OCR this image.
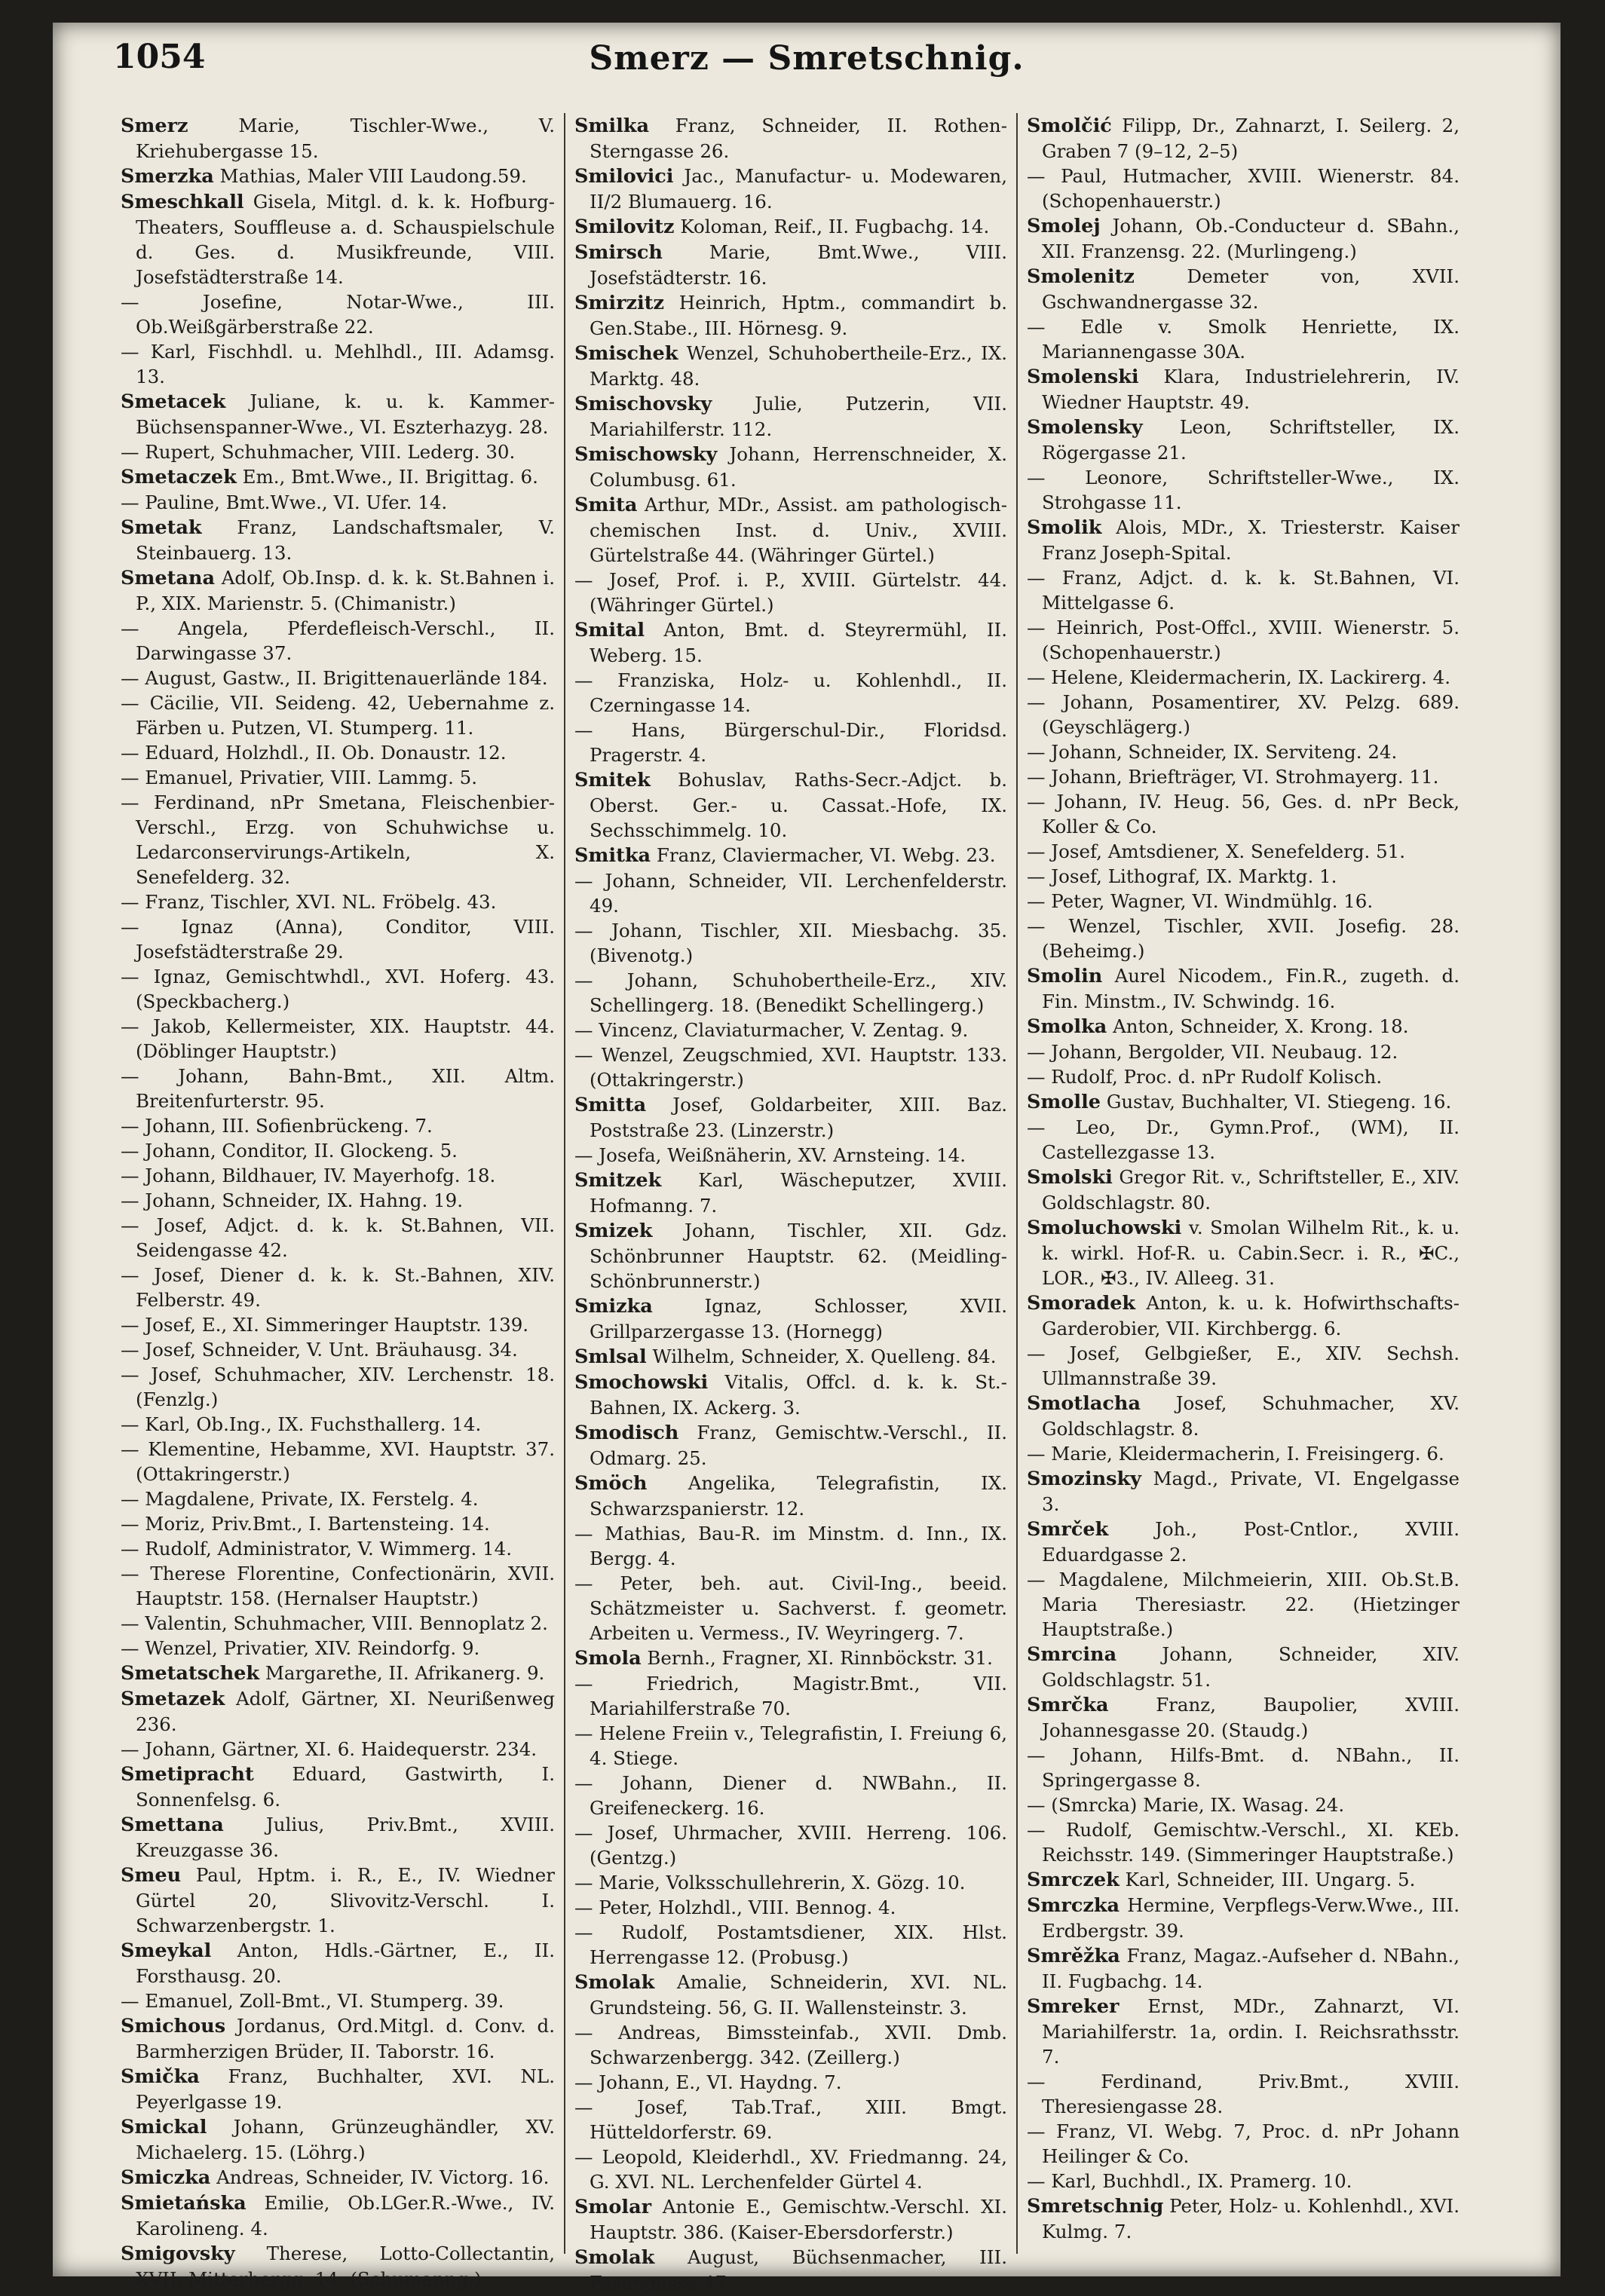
1054	Smerz — Smretschnig.

Smerz	Marie, Tischler-Wwe., V. Kriehubergasse 15.

Smerzka Mathias, Maler VIII Laudong.59.

Smeschkall Gisela, Mitgl. d. k. k. Hofburg-Theaters, Souffleuse a. d. Schauspielschule d. Ges. d. Musikfreunde, VIII. Josefstädterstraße 14.

— Josefine, Notar-Wwe., III. Ob.Weißgärberstraße 22.

— Karl, Fischhdl. u. Mehlhdl., III. Adamsg. 13.

Smetacek Juliane, k. u. k. Kammer-Büchsenspanner-Wwe., VI. Eszterhazyg. 28.

— Rupert, Schuhmacher, VIII. Lederg. 30.

Smetaczek Em., Bmt.Wwe., II. Brigittag. 6.

— Pauline, Bmt.Wwe., VI. Ufer. 14.

Smetak Franz, Landschaftsmaler, V. Steinbauerg. 13.

Smetana Adolf, Ob.Insp. d. k. k. St.Bahnen i. P., XIX. Marienstr. 5. (Chimanistr.)

— Angela, Pferdefleisch-Verschl., II. Darwingasse 37.

— August, Gastw., II. Brigittenauerlände 184.

— Cäcilie, VII. Seideng. 42, Uebernahme z. Färben u. Putzen, VI. Stumperg. 11.

— Eduard, Holzhdl., II. Ob. Donaustr. 12.

— Emanuel, Privatier, VIII. Lammg. 5.

— Ferdinand, nPr Smetana, Fleischenbier-Verschl., Erzg. von Schuhwichse u. Ledarconservirungs-Artikeln, X. Senefelderg. 32.

— Franz, Tischler, XVI. NL. Fröbelg. 43.

— Ignaz (Anna), Conditor, VIII. Josefstädterstraße 29.

— Ignaz, Gemischtwhdl., XVI. Hoferg. 43. (Speckbacherg.)

— Jakob, Kellermeister, XIX. Hauptstr. 44. (Döblinger Hauptstr.)

— Johann, Bahn-Bmt., XII. Altm. Breitenfurterstr. 95.

— Johann, III. Sofienbrückeng. 7.

— Johann, Conditor, II. Glockeng. 5.

— Johann, Bildhauer, IV. Mayerhofg. 18.

— Johann, Schneider, IX. Hahng. 19.

— Josef, Adjct. d. k. k. St.Bahnen, VII. Seidengasse 42.

— Josef, Diener d. k. k. St.-Bahnen, XIV. Felberstr. 49.

— Josef, E., XI. Simmeringer Hauptstr. 139.

— Josef, Schneider, V. Unt. Bräuhausg. 34.

— Josef, Schuhmacher, XIV. Lerchenstr. 18. (Fenzlg.)

— Karl, Ob.Ing., IX. Fuchsthallerg. 14.

— Klementine, Hebamme, XVI. Hauptstr. 37. (Ottakringerstr.)

— Magdalene, Private, IX. Ferstelg. 4.

— Moriz, Priv.Bmt., I. Bartensteing. 14.

— Rudolf, Administrator, V. Wimmerg. 14.

— Therese Florentine, Confectionärin, XVII. Hauptstr. 158. (Hernalser Hauptstr.)

— Valentin, Schuhmacher, VIII. Bennoplatz 2.

— Wenzel, Privatier, XIV. Reindorfg. 9.

Smetatschek Margarethe, II. Afrikanerg. 9.

Smetazek Adolf, Gärtner, XI. Neurißenweg 236.

— Johann, Gärtner, XI. 6. Haidequerstr. 234.

Smetipracht Eduard, Gastwirth, I. Sonnenfelsg. 6.

Smettana Julius, Priv.Bmt., XVIII. Kreuzgasse 36.

Smeu Paul, Hptm. i. R., E., IV. Wiedner Gürtel 20, Slivovitz-Verschl. I. Schwarzenbergstr. 1.

Smeykal Anton, Hdls.-Gärtner, E., II. Forsthausg. 20.

— Emanuel, Zoll-Bmt., VI. Stumperg. 39.

Smichous Jordanus, Ord.Mitgl. d. Conv. d. Barmherzigen Brüder, II. Taborstr. 16.

Smička Franz, Buchhalter, XVI. NL. Peyerlgasse 19.

Smickal Johann, Grünzeughändler, XV. Michaelerg. 15. (Löhrg.)

Smiczka Andreas, Schneider, IV. Victorg. 16.

Smietańska Emilie, Ob.LGer.R.-Wwe., IV. Karolineng. 4.

Smigovsky Therese, Lotto-Collectantin, XVII. Mitterbergg. 14. (Schumanng.)

Smilka Franz, Schneider, II. Rothen-Sterngasse 26.

Smilovici Jac., Manufactur- u. Modewaren, II/2 Blumauerg. 16.

Smilovitz Koloman, Reif., II. Fugbachg. 14.

Smirsch	Marie, Bmt.Wwe., VIII. Josefstädterstr. 16.

Smirzitz Heinrich, Hptm., commandirt b. Gen.Stabe., III. Hörnesg. 9.

Smischek Wenzel, Schuhobertheile-Erz., IX. Marktg. 48.

Smischovsky Julie, Putzerin, VII. Mariahilferstr. 112.

Smischowsky Johann, Herrenschneider, X. Columbusg. 61.

Smita Arthur, MDr., Assist. am pathologisch-chemischen Inst. d. Univ., XVIII. Gürtelstraße 44. (Währinger Gürtel.)

— Josef, Prof. i. P., XVIII. Gürtelstr. 44. (Währinger Gürtel.)

Smital Anton, Bmt. d. Steyrermühl, II. Weberg. 15.

— Franziska, Holz- u. Kohlenhdl., II. Czerningasse 14.

— Hans, Bürgerschul-Dir., Floridsd. Pragerstr. 4.

Smitek Bohuslav, Raths-Secr.-Adjct. b. Oberst. Ger.- u. Cassat.-Hofe, IX. Sechsschimmelg. 10.

Smitka Franz, Claviermacher, VI. Webg. 23.

— Johann, Schneider, VII. Lerchenfelderstr. 49.

— Johann, Tischler, XII. Miesbachg. 35. (Bivenotg.)

— Johann, Schuhobertheile-Erz., XIV. Schellingerg. 18. (Benedikt Schellingerg.)

— Vincenz, Claviaturmacher, V. Zentag. 9.

— Wenzel, Zeugschmied, XVI. Hauptstr. 133. (Ottakringerstr.)

Smitta Josef, Goldarbeiter, XIII. Baz. Poststraße 23. (Linzerstr.)

— Josefa, Weißnäherin, XV. Arnsteing. 14.

Smitzek Karl, Wäscheputzer, XVIII. Hofmanng. 7.

Smizek Johann, Tischler, XII. Gdz. Schönbrunner Hauptstr. 62. (Meidling-Schönbrunnerstr.)

Smizka	Ignaz, Schlosser, XVII. Grillparzergasse 13. (Hornegg)

Smlsal Wilhelm, Schneider, X. Quelleng. 84.

Smochowski Vitalis, Offcl. d. k. k. St.-Bahnen, IX. Ackerg. 3.

Smodisch Franz, Gemischtw.-Verschl., II. Odmarg. 25.

Smöch Angelika, Telegrafistin, IX. Schwarzspanierstr. 12.

— Mathias, Bau-R. im Minstm. d. Inn., IX. Bergg. 4.

— Peter, beh. aut. Civil-Ing., beeid. Schätzmeister u. Sachverst. f. geometr. Arbeiten u. Vermess., IV. Weyringerg. 7.

Smola Bernh., Fragner, XI. Rinnböckstr. 31.

— Friedrich, Magistr.Bmt., VII. Mariahilferstraße 70.

— Helene Freiin v., Telegrafistin, I. Freiung 6, 4. Stiege.

— Johann, Diener d. NWBahn., II. Greifeneckerg. 16.

— Josef, Uhrmacher, XVIII. Herreng. 106. (Gentzg.)

— Marie, Volksschullehrerin, X. Gözg. 10.

— Peter, Holzhdl., VIII. Bennog. 4.

— Rudolf, Postamtsdiener, XIX. Hlst. Herrengasse 12. (Probusg.)

Smolak Amalie, Schneiderin, XVI. NL. Grundsteing. 56, G. II. Wallensteinstr. 3.

— Andreas, Bimssteinfab., XVII. Dmb. Schwarzenbergg. 342. (Zeillerg.)

— Johann, E., VI. Haydng. 7.

— Josef, Tab.Traf., XIII. Bmgt. Hütteldorferstr. 69.

— Leopold, Kleiderhdl., XV. Friedmanng. 24, G. XVI. NL. Lerchenfelder Gürtel 4.

Smolar Antonie E., Gemischtw.-Verschl. XI. Hauptstr. 386. (Kaiser-Ebersdorferstr.)

Smolak August, Büchsenmacher, III. Fasangasse 47.

Smolčić Filipp, Dr., Zahnarzt, I. Seilerg. 2, Graben 7 (9–12, 2–5)

— Paul, Hutmacher, XVIII. Wienerstr. 84. (Schopenhauerstr.)

Smolej Johann, Ob.-Conducteur d. SBahn., XII. Franzensg. 22. (Murlingeng.)

Smolenitz	Demeter von, XVII. Gschwandnergasse 32.

— Edle v. Smolk Henriette, IX. Mariannengasse 30A.

Smolenski Klara, Industrielehrerin, IV. Wiedner Hauptstr. 49.

Smolensky Leon, Schriftsteller, IX. Rögergasse 21.

— Leonore, Schriftsteller-Wwe., IX. Strohgasse 11.

Smolik Alois, MDr., X. Triesterstr. Kaiser Franz Joseph-Spital.

— Franz, Adjct. d. k. k. St.Bahnen, VI. Mittelgasse 6.

— Heinrich, Post-Offcl., XVIII. Wienerstr. 5. (Schopenhauerstr.)

— Helene, Kleidermacherin, IX. Lackirerg. 4.

— Johann, Posamentirer, XV. Pelzg. 689. (Geyschlägerg.)

— Johann, Schneider, IX. Servitеng. 24.

— Johann, Briefträger, VI. Strohmayerg. 11.

— Johann, IV. Heug. 56, Ges. d. nPr Beck, Koller & Co.

— Josef, Amtsdiener, X. Senefelderg. 51.

— Josef, Lithograf, IX. Marktg. 1.

— Peter, Wagner, VI. Windmühlg. 16.

— Wenzel, Tischler, XVII. Josefig. 28. (Beheimg.)

Smolin Aurel Nicodem., Fin.R., zugeth. d. Fin. Minstm., IV. Schwindg. 16.

Smolka Anton, Schneider, X. Krong. 18.

— Johann, Bergolder, VII. Neubaug. 12.

— Rudolf, Proc. d. nPr Rudolf Kolisch.

Smolle Gustav, Buchhalter, VI. Stiegeng. 16.

— Leo, Dr., Gymn.Prof., (WM), II. Castellezgasse 13.

Smolski Gregor Rit. v., Schriftsteller, E., XIV. Goldschlagstr. 80.

Smoluchowski v. Smolan Wilhelm Rit., k. u. k. wirkl. Hof-R. u. Cabin.Secr. i. R., ✠C., LOR., ✠3., IV. Alleeg. 31.

Smoradek Anton, k. u. k. Hofwirthschafts-Garderobier, VII. Kirchbergg. 6.

— Josef, Gelbgießer, E., XIV. Sechsh. Ullmannstraße 39.

Smotlacha Josef, Schuhmacher, XV. Goldschlagstr. 8.

— Marie, Kleidermacherin, I. Freisingerg. 6.

Smozinsky Magd., Private, VI. Engelgasse 3.

Smrček	Joh., Post-Cntlor., XVIII. Eduardgasse 2.

— Magdalene, Milchmeierin, XIII. Ob.St.B. Maria Theresiastr. 22. (Hietzinger Hauptstraße.)

Smrcina Johann, Schneider, XIV. Goldschlagstr. 51.

Smrčka	Franz, Baupolier, XVIII. Johannesgasse 20. (Staudg.)

— Johann, Hilfs-Bmt. d. NBahn., II. Springergasse 8.

— (Smrcka) Marie, IX. Wasag. 24.

— Rudolf, Gemischtw.-Verschl., XI. KEb. Reichsstr. 149. (Simmeringer Hauptstraße.)

Smrczek Karl, Schneider, III. Ungarg. 5.

Smrczka Hermine, Verpflegs-Verw.Wwe., III. Erdbergstr. 39.

Smrěžka Franz, Magaz.-Aufseher d. NBahn., II. Fugbachg. 14.

Smreker Ernst, MDr., Zahnarzt, VI. Mariahilferstr. 1a, ordin. I. Reichsrathsstr. 7.

— Ferdinand, Priv.Bmt., XVIII. Theresiengasse 28.

— Franz, VI. Webg. 7, Proc. d. nPr Johann Heilinger & Co.

— Karl, Buchhdl., IX. Pramerg. 10.

Smretschnig Peter, Holz- u. Kohlenhdl., XVI. Kulmg. 7.
